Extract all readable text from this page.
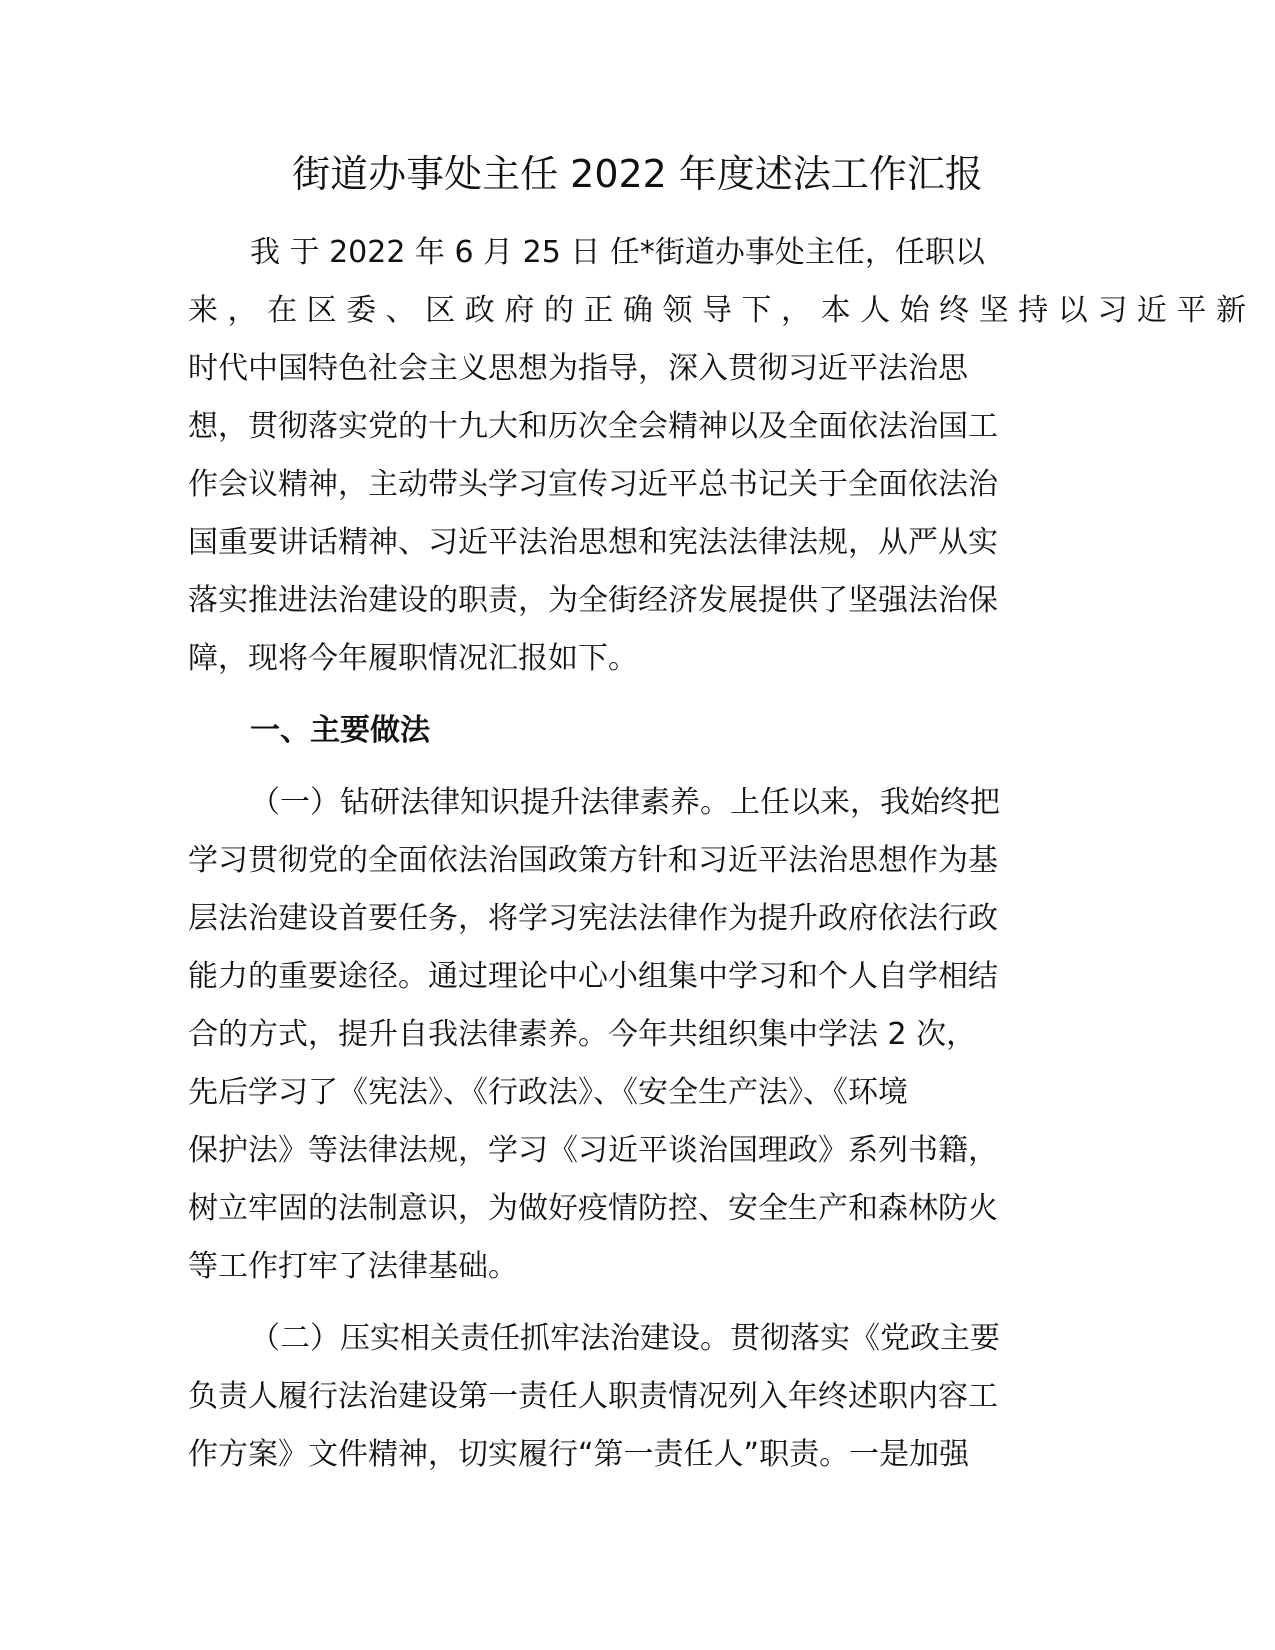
街道办事处主任 2022 年度述法工作汇报
我 于 2022 年 6 月 25 日 任*街道办事处主任，任职以
来 ， 在 区 委 、 区 政 府 的 正 确 领 导 下 ， 本 人 始 终 坚 持 以 习 近 平 新
时代中国特色社会主义思想为指导，深入贯彻习近平法治思
想，贯彻落实党的十九大和历次全会精神以及全面依法治国工
作会议精神，主动带头学习宣传习近平总书记关于全面依法治
国重要讲话精神、习近平法治思想和宪法法律法规，从严从实
落实推进法治建设的职责，为全街经济发展提供了坚强法治保
障，现将今年履职情况汇报如下。
一、主要做法
（一）钻研法律知识提升法律素养。上任以来，我始终把
学习贯彻党的全面依法治国政策方针和习近平法治思想作为基
层法治建设首要任务，将学习宪法法律作为提升政府依法行政
能力的重要途径。通过理论中心小组集中学习和个人自学相结
合的方式，提升自我法律素养。今年共组织集中学法 2 次，
先后学习了《宪法》、《行政法》、《安全生产法》、《环境
保护法》等法律法规，学习《习近平谈治国理政》系列书籍，
树立牢固的法制意识，为做好疫情防控、安全生产和森林防火
等工作打牢了法律基础。
（二）压实相关责任抓牢法治建设。贯彻落实《党政主要
负责人履行法治建设第一责任人职责情况列入年终述职内容工
作方案》文件精神，切实履行“第一责任人”职责。一是加强
